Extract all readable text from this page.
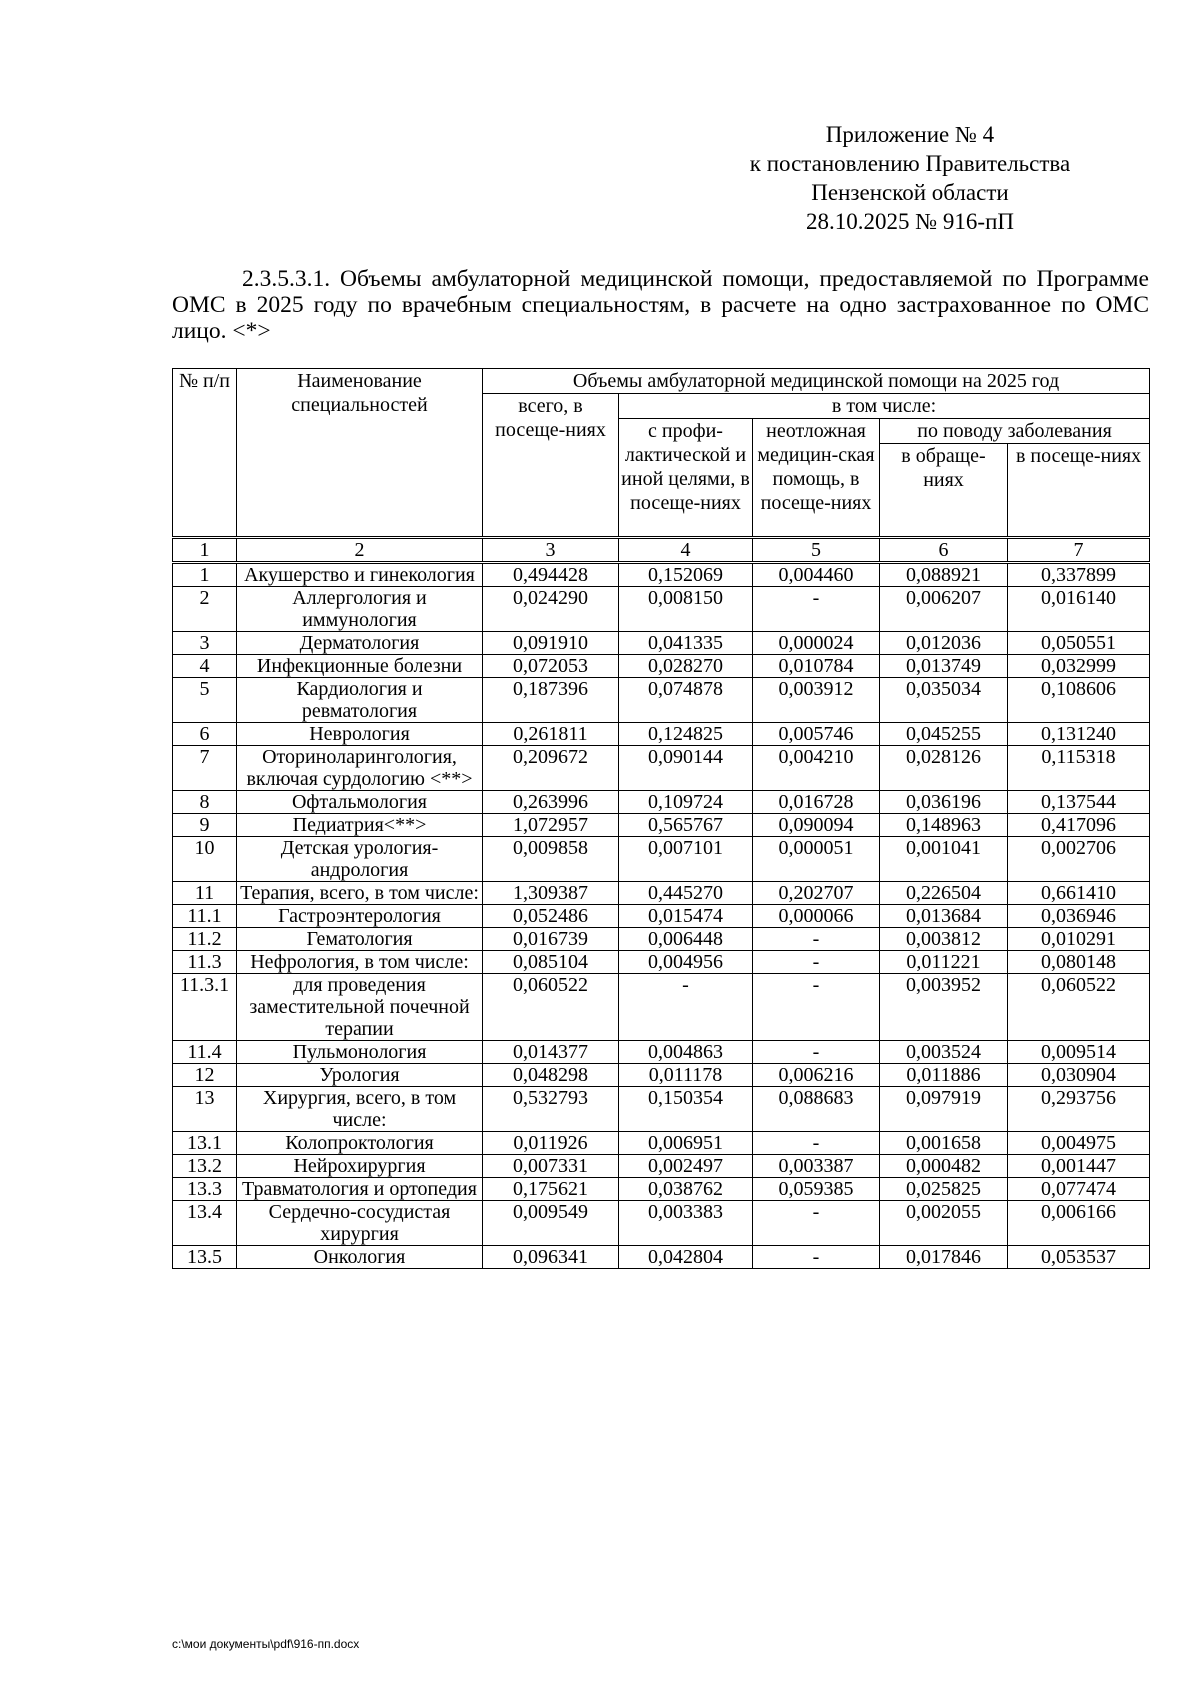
Приложение № 4
к постановлению Правительства
Пензенской области
28.10.2025 № 916-пП
2.3.5.3.1. Объемы амбулаторной медицинской помощи, предоставляемой по Программе ОМС в 2025 году по врачебным специальностям, в расчете на одно застрахованное по ОМС лицо. <*>
№ п/п	Наименование специальностей	Объемы амбулаторной медицинской помощи на 2025 год				
		всего, в посеще-ниях	в том числе:			
			с профи-лактической и иной целями, в посеще-ниях	неотложная медицин-ская помощь, в посеще-ниях	по поводу заболевания	
					в обраще-ниях	в посеще-ниях
1	2	3	4	5	6	7
1	Акушерство и гинекология	0,494428	0,152069	0,004460	0,088921	0,337899
2	Аллергология и иммунология	0,024290	0,008150	-	0,006207	0,016140
3	Дерматология	0,091910	0,041335	0,000024	0,012036	0,050551
4	Инфекционные болезни	0,072053	0,028270	0,010784	0,013749	0,032999
5	Кардиология и ревматология	0,187396	0,074878	0,003912	0,035034	0,108606
6	Неврология	0,261811	0,124825	0,005746	0,045255	0,131240
7	Оториноларингология, включая сурдологию <**>	0,209672	0,090144	0,004210	0,028126	0,115318
8	Офтальмология	0,263996	0,109724	0,016728	0,036196	0,137544
9	Педиатрия<**>	1,072957	0,565767	0,090094	0,148963	0,417096
10	Детская урология-андрология	0,009858	0,007101	0,000051	0,001041	0,002706
11	Терапия, всего, в том числе:	1,309387	0,445270	0,202707	0,226504	0,661410
11.1	Гастроэнтерология	0,052486	0,015474	0,000066	0,013684	0,036946
11.2	Гематология	0,016739	0,006448	-	0,003812	0,010291
11.3	Нефрология, в том числе:	0,085104	0,004956	-	0,011221	0,080148
11.3.1	для проведения заместительной почечной терапии	0,060522	-	-	0,003952	0,060522
11.4	Пульмонология	0,014377	0,004863	-	0,003524	0,009514
12	Урология	0,048298	0,011178	0,006216	0,011886	0,030904
13	Хирургия, всего, в том числе:	0,532793	0,150354	0,088683	0,097919	0,293756
13.1	Колопроктология	0,011926	0,006951	-	0,001658	0,004975
13.2	Нейрохирургия	0,007331	0,002497	0,003387	0,000482	0,001447
13.3	Травматология и ортопедия	0,175621	0,038762	0,059385	0,025825	0,077474
13.4	Сердечно-сосудистая хирургия	0,009549	0,003383	-	0,002055	0,006166
13.5	Онкология	0,096341	0,042804	-	0,017846	0,053537
c:\мои документы\pdf\916-пп.docx
